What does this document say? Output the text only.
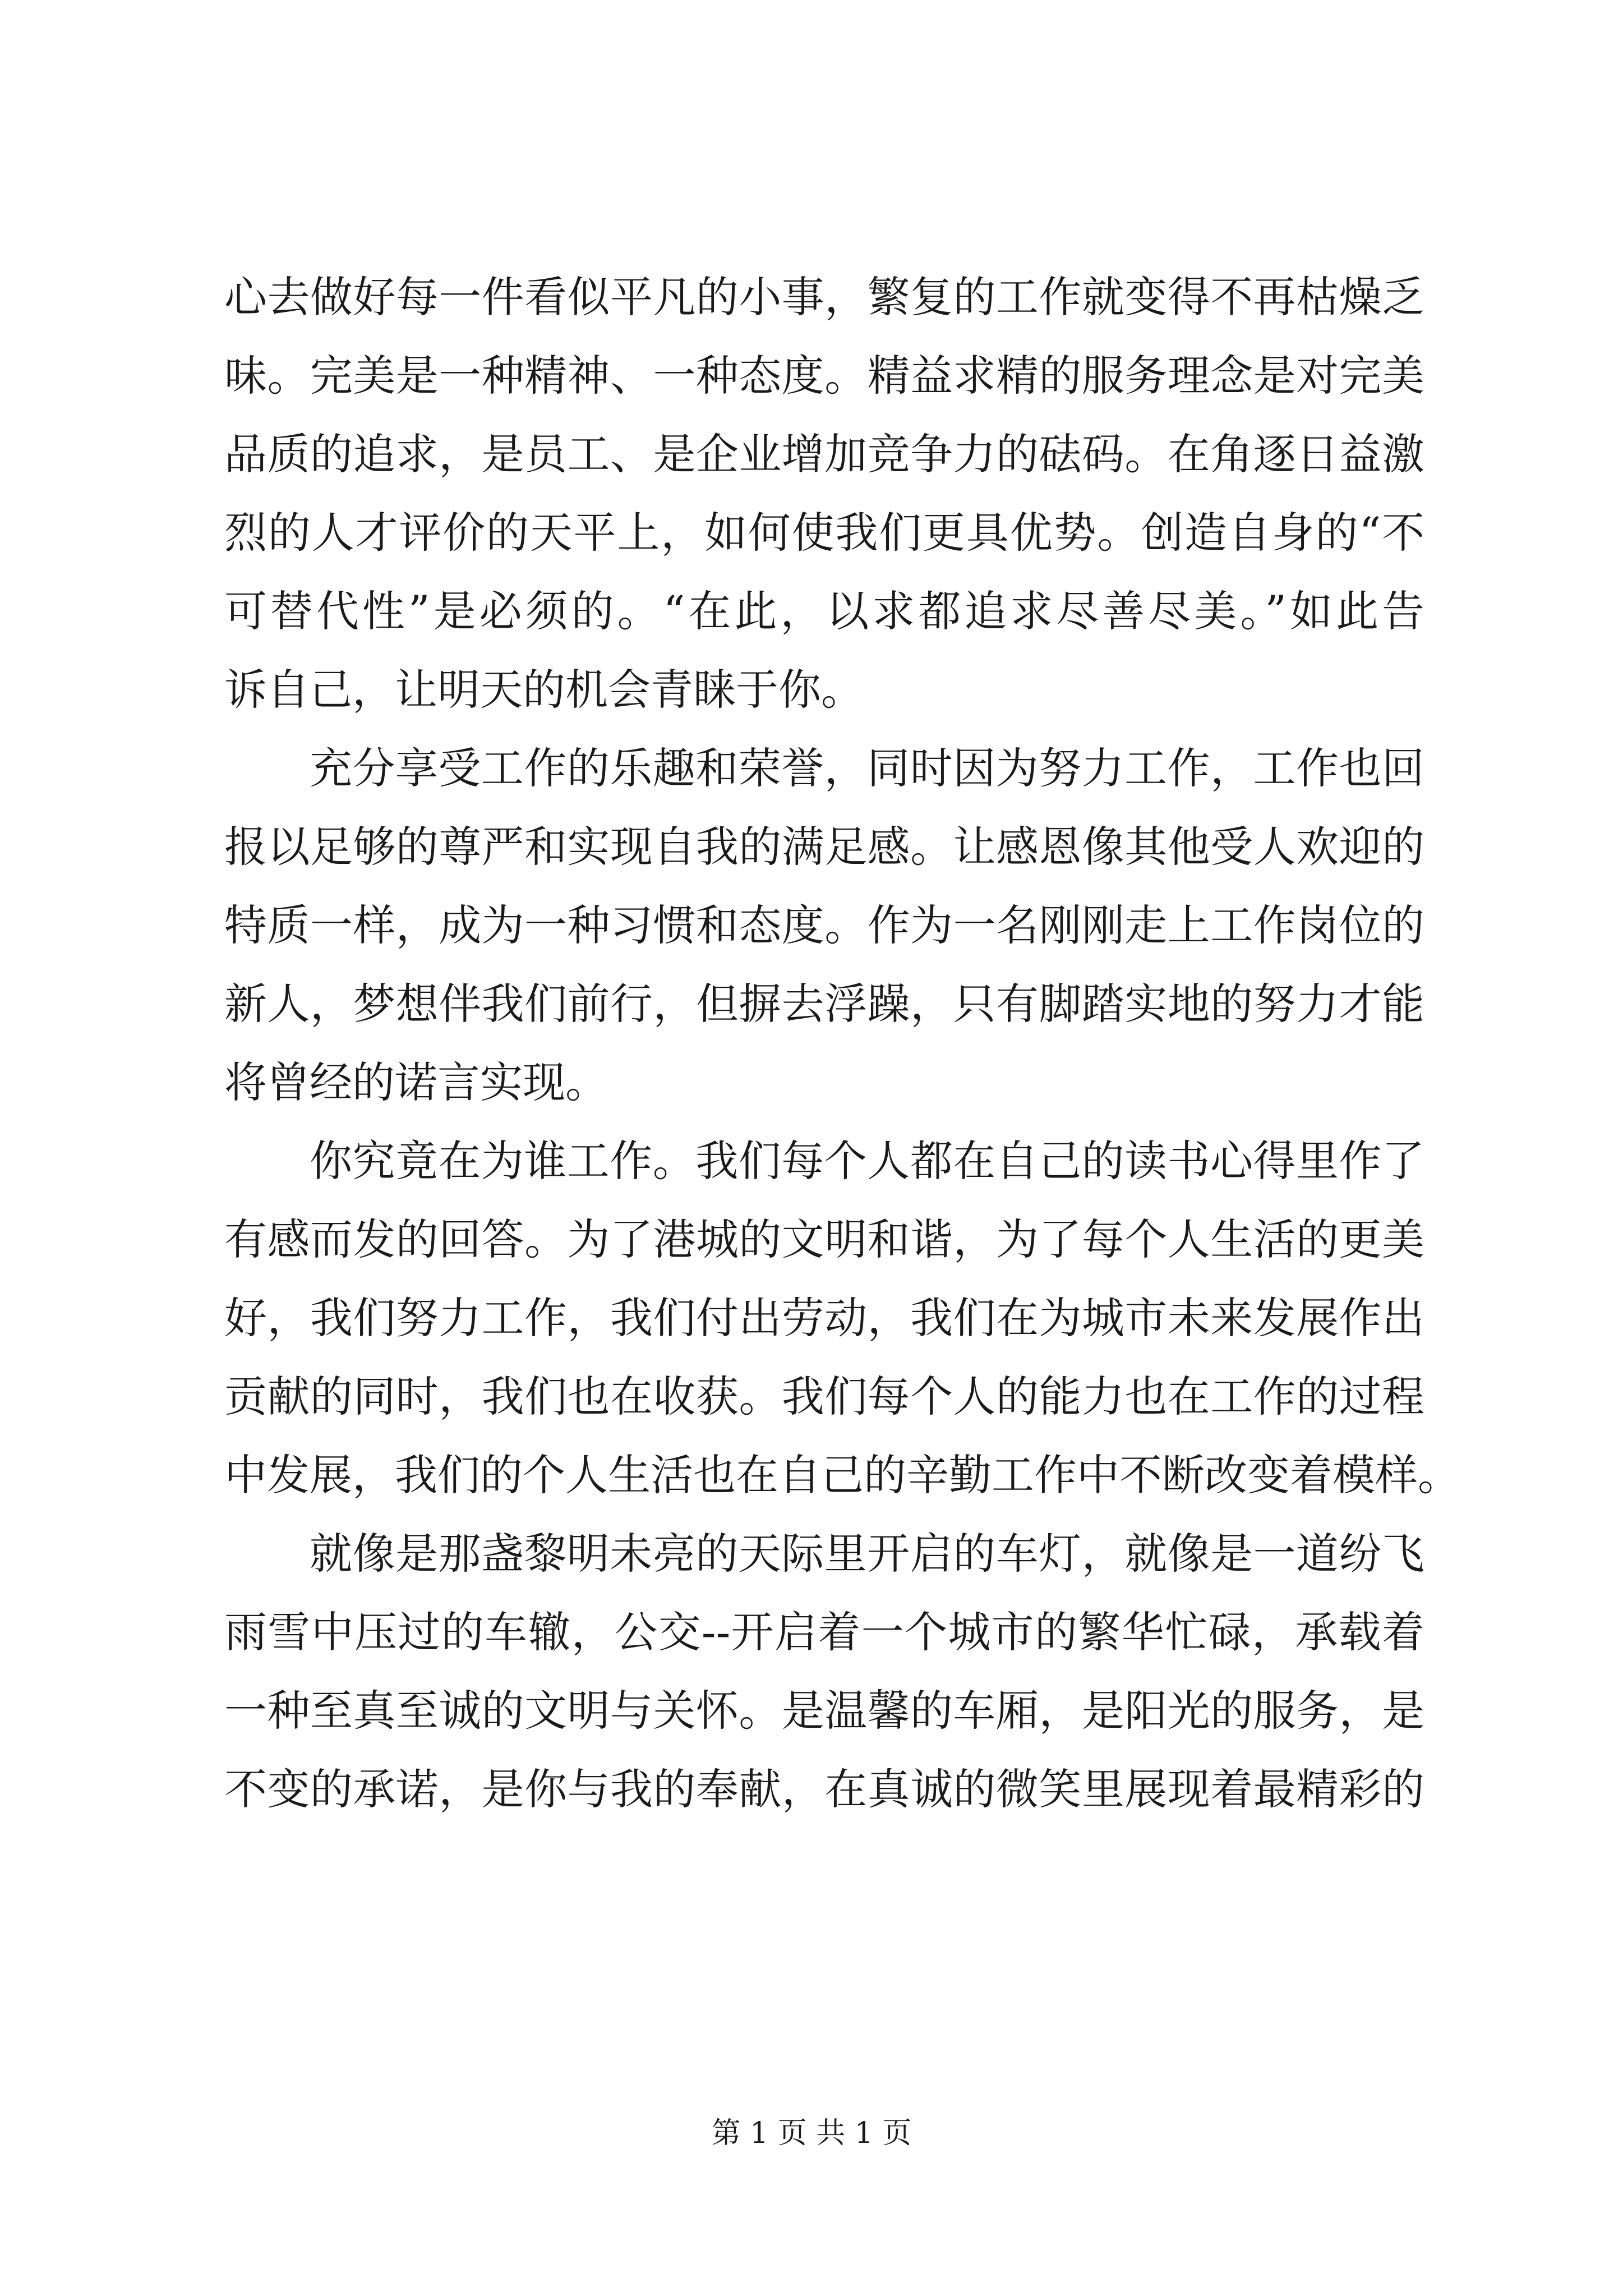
心去做好每一件看似平凡的小事，繁复的工作就变得不再枯燥乏
味。完美是一种精神、一种态度。精益求精的服务理念是对完美
品质的追求，是员工、是企业增加竞争力的砝码。在角逐日益激
烈的人才评价的天平上，如何使我们更具优势。创造自身的“不
可替代性”是必须的。“在此，以求都追求尽善尽美。”如此告
诉自己，让明天的机会青睐于你。
充分享受工作的乐趣和荣誉，同时因为努力工作，工作也回
报以足够的尊严和实现自我的满足感。让感恩像其他受人欢迎的
特质一样，成为一种习惯和态度。作为一名刚刚走上工作岗位的
新人，梦想伴我们前行，但摒去浮躁，只有脚踏实地的努力才能
将曾经的诺言实现。
你究竟在为谁工作。我们每个人都在自己的读书心得里作了
有感而发的回答。为了港城的文明和谐，为了每个人生活的更美
好，我们努力工作，我们付出劳动，我们在为城市未来发展作出
贡献的同时，我们也在收获。我们每个人的能力也在工作的过程
中发展，我们的个人生活也在自己的辛勤工作中不断改变着模样。
就像是那盏黎明未亮的天际里开启的车灯，就像是一道纷飞
雨雪中压过的车辙，公交--开启着一个城市的繁华忙碌，承载着
一种至真至诚的文明与关怀。是温馨的车厢，是阳光的服务，是
不变的承诺，是你与我的奉献，在真诚的微笑里展现着最精彩的
第 1 页 共 1 页
